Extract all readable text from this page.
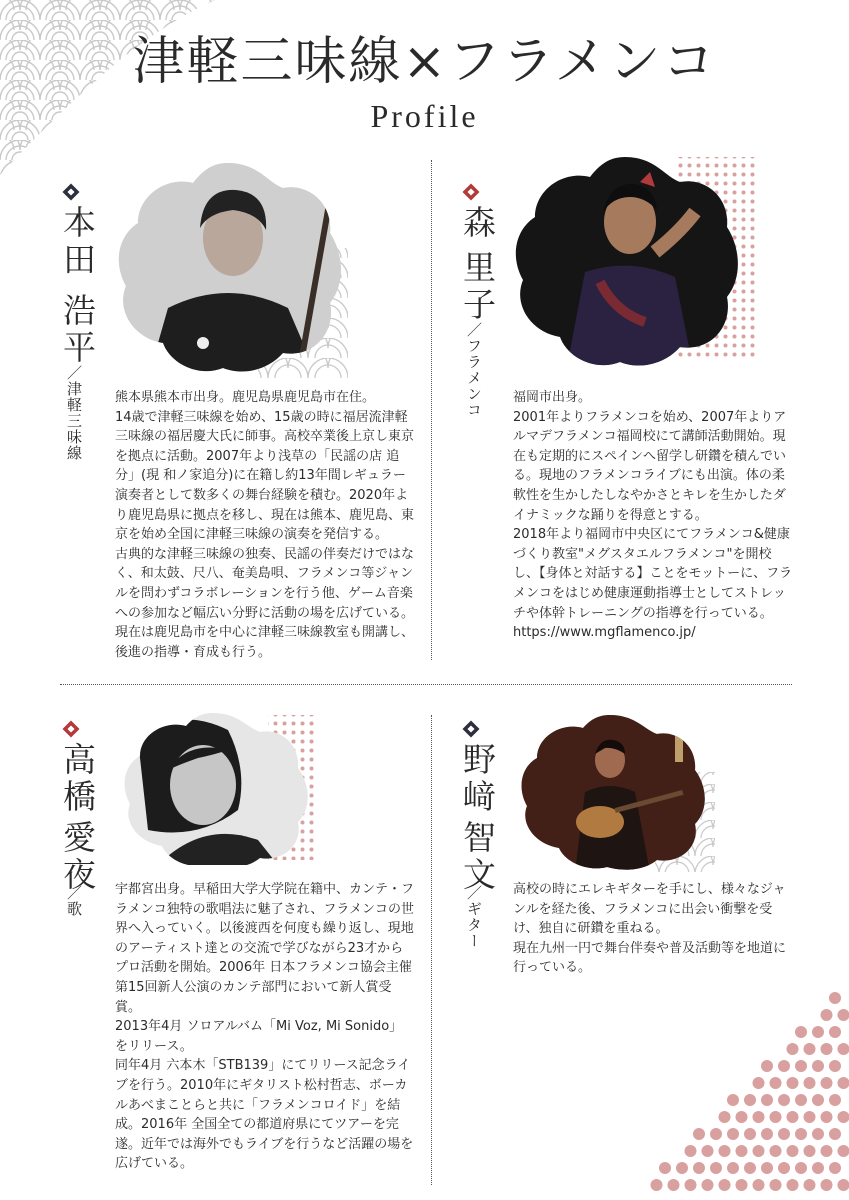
津軽三味線×フラメンコ
Profile
本田
浩平
／津軽三味線 熊本県熊本市出身。鹿児島県鹿児島市在住。

14歳で津軽三味線を始め、15歳の時に福居流津軽三味線の福居慶大氏に師事。高校卒業後上京し東京を拠点に活動。2007年より浅草の「民謡の店 追分」(現 和ノ家追分)に在籍し約13年間レギュラー演奏者として数多くの舞台経験を積む。2020年より鹿児島県に拠点を移し、現在は熊本、鹿児島、東京を始め全国に津軽三味線の演奏を発信する。

古典的な津軽三味線の独奏、民謡の伴奏だけではなく、和太鼓、尺八、奄美島唄、フラメンコ等ジャンルを問わずコラボレーションを行う他、ゲーム音楽への参加など幅広い分野に活動の場を広げている。

現在は鹿児島市を中心に津軽三味線教室も開講し、後進の指導・育成も行う。

森
里子
／フラメンコ 福岡市出身。

2001年よりフラメンコを始め、2007年よりアルマデフラメンコ福岡校にて講師活動開始。現在も定期的にスペインへ留学し研鑽を積んでいる。現地のフラメンコライブにも出演。体の柔軟性を生かしたしなやかさとキレを生かしたダイナミックな踊りを得意とする。

2018年より福岡市中央区にてフラメンコ&健康づくり教室"メグスタエルフラメンコ"を開校し、【身体と対話する】ことをモットーに、フラメンコをはじめ健康運動指導士としてストレッチや体幹トレーニングの指導を行っている。

https://www.mgflamenco.jp/

高橋
愛夜
／歌 宇都宮出身。早稲田大学大学院在籍中、カンテ・フラメンコ独特の歌唱法に魅了され、フラメンコの世界へ入っていく。以後渡西を何度も繰り返し、現地のアーティスト達との交流で学びながら23才からプロ活動を開始。2006年 日本フラメンコ協会主催第15回新人公演のカンテ部門において新人賞受賞。

2013年4月 ソロアルバム「Mi Voz, Mi Sonido」をリリース。

同年4月 六本木「STB139」にてリリース記念ライブを行う。2010年にギタリスト松村哲志、ボーカルあべまことらと共に「フラメンコロイド」を結成。2016年 全国全ての都道府県にてツアーを完遂。近年では海外でもライブを行うなど活躍の場を広げている。

野﨑
智文
／ギター 高校の時にエレキギターを手にし、様々なジャンルを経た後、フラメンコに出会い衝撃を受け、独自に研鑽を重ねる。

現在九州一円で舞台伴奏や普及活動等を地道に行っている。
